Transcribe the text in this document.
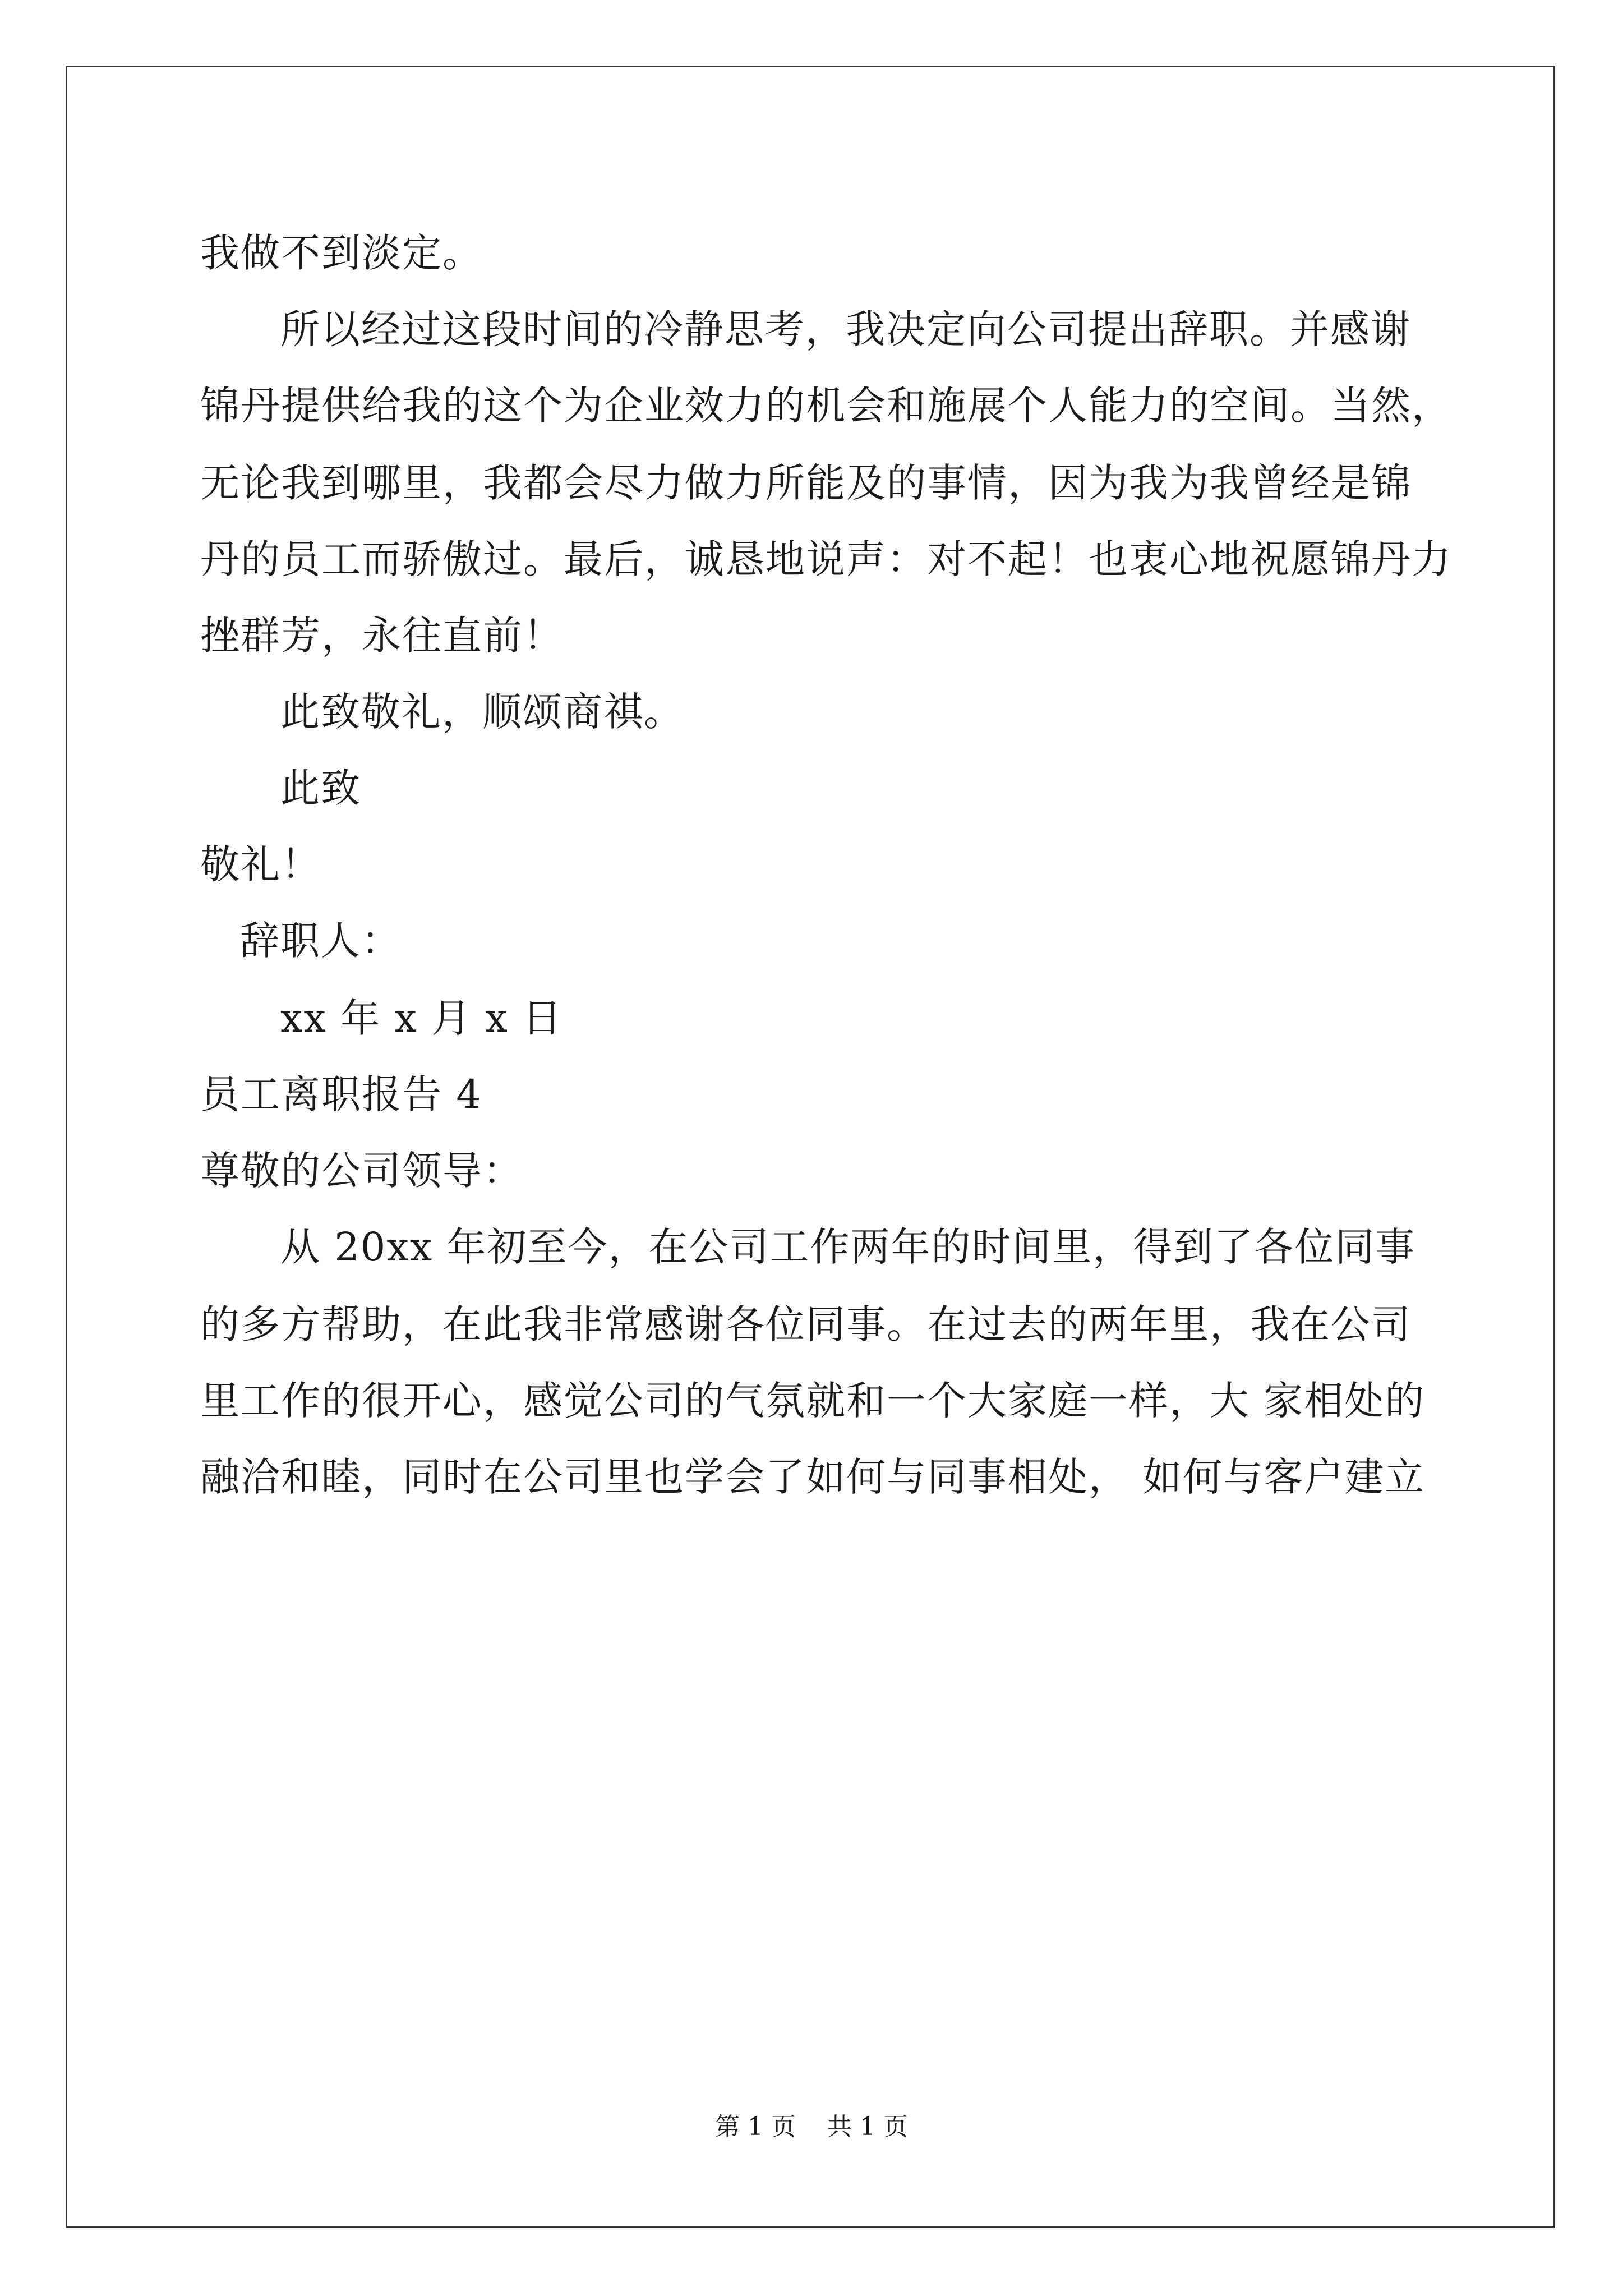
我做不到淡定。
所以经过这段时间的冷静思考，我决定向公司提出辞职。并感谢
锦丹提供给我的这个为企业效力的机会和施展个人能力的空间。当然，
无论我到哪里，我都会尽力做力所能及的事情，因为我为我曾经是锦
丹的员工而骄傲过。最后，诚恳地说声：对不起！也衷心地祝愿锦丹力
挫群芳，永往直前！
此致敬礼，顺颂商祺。
此致
敬礼！
辞职人：
xx 年 x 月 x 日
员工离职报告 4
尊敬的公司领导：
从 20xx 年初至今，在公司工作两年的时间里，得到了各位同事
的多方帮助，在此我非常感谢各位同事。在过去的两年里，我在公司
里工作的很开心，感觉公司的气氛就和一个大家庭一样，大 家相处的
融洽和睦，同时在公司里也学会了如何与同事相处， 如何与客户建立
第 1 页 共 1 页
